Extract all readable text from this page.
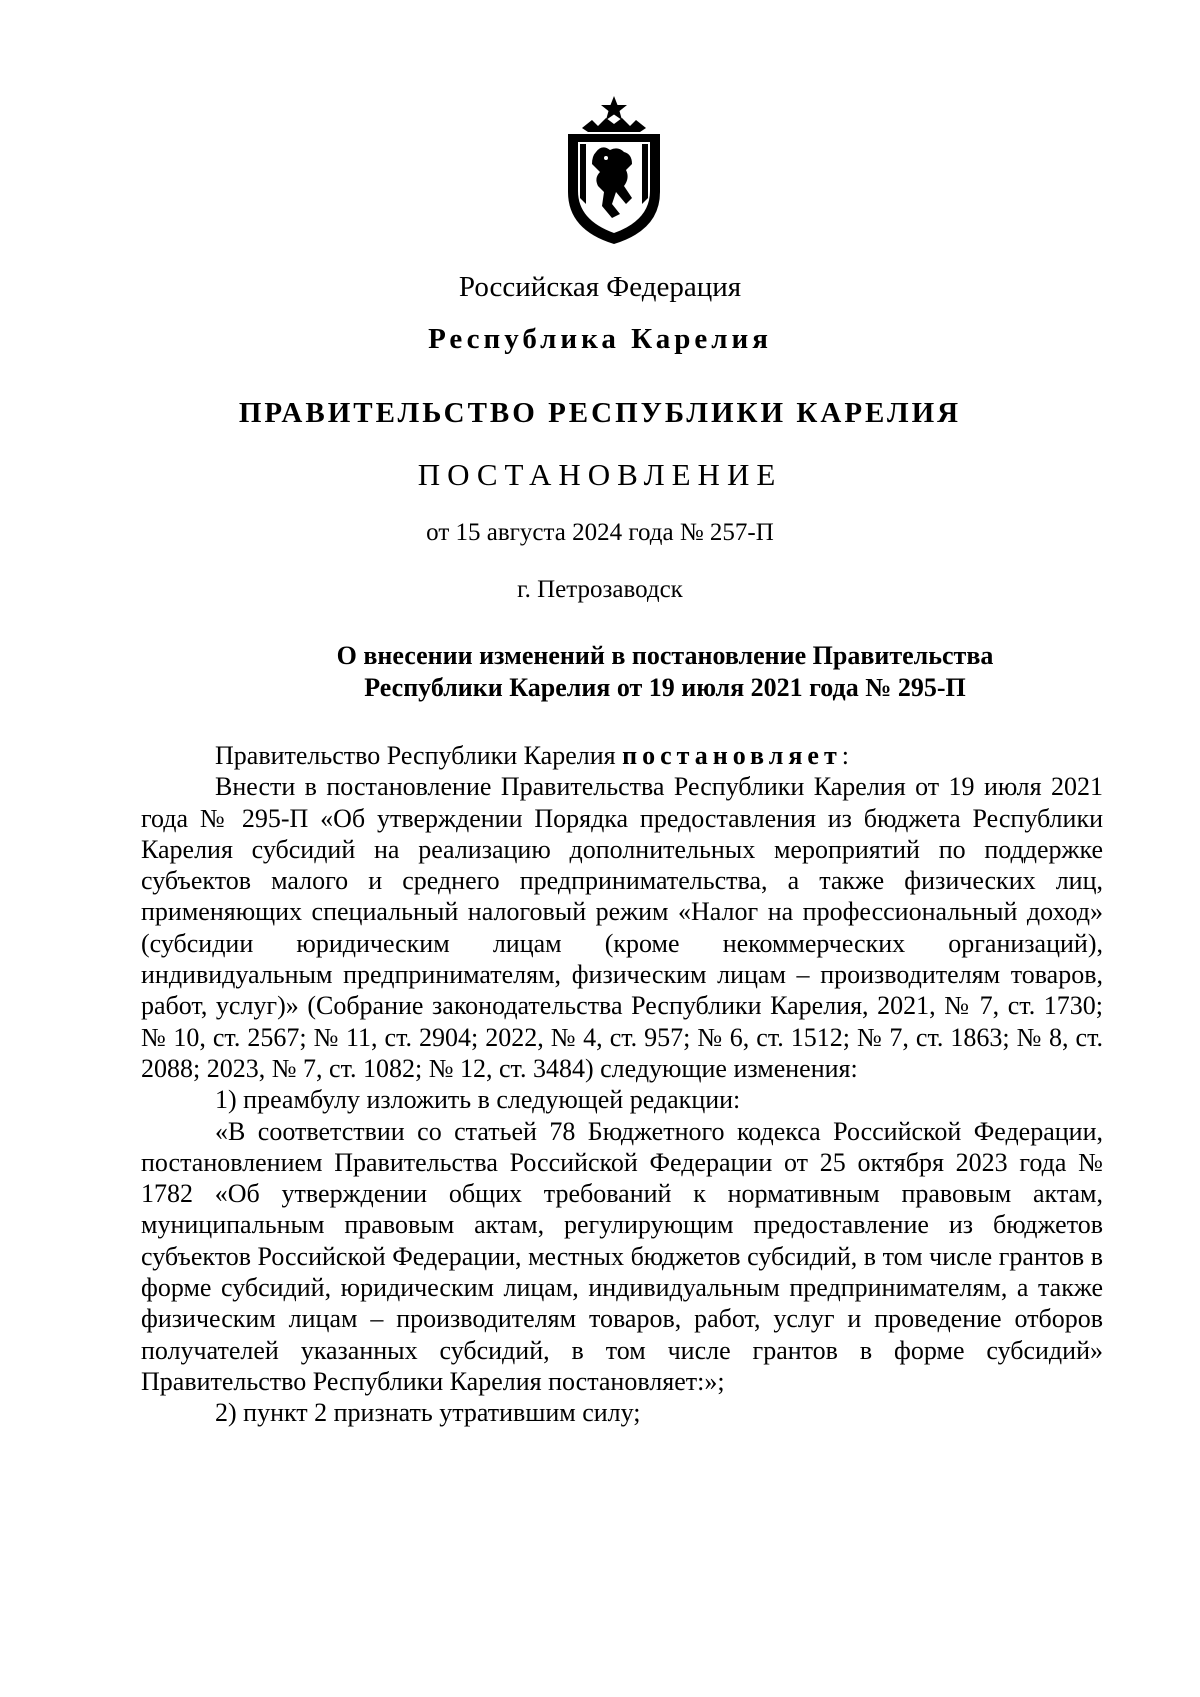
Российская Федерация
Республика Карелия
ПРАВИТЕЛЬСТВО РЕСПУБЛИКИ КАРЕЛИЯ
ПОСТАНОВЛЕНИЕ
от 15 августа 2024 года № 257-П
г. Петрозаводск
О внесении изменений в постановление Правительства
Республики Карелия от 19 июля 2021 года № 295-П

Правительство Республики Карелия постановляет:

Внести в постановление Правительства Республики Карелия от 19 июля 2021 года № 295-П «Об утверждении Порядка предоставления из бюджета Республики Карелия субсидий на реализацию дополнительных мероприятий по поддержке субъектов малого и среднего предпринимательства, а также физических лиц, применяющих специальный налоговый режим «Налог на профессиональный доход» (субсидии юридическим лицам (кроме некоммерческих организаций), индивидуальным предпринимателям, физическим лицам – производителям товаров, работ, услуг)» (Собрание законодательства Республики Карелия, 2021, № 7, ст. 1730; № 10, ст. 2567; № 11, ст. 2904; 2022, № 4, ст. 957; № 6, ст. 1512; № 7, ст. 1863; № 8, ст. 2088; 2023, № 7, ст. 1082; № 12, ст. 3484) следующие изменения:

1) преамбулу изложить в следующей редакции:

«В соответствии со статьей 78 Бюджетного кодекса Российской Федерации, постановлением Правительства Российской Федерации от 25 октября 2023 года № 1782 «Об утверждении общих требований к нормативным правовым актам, муниципальным правовым актам, регулирующим предоставление из бюджетов субъектов Российской Федерации, местных бюджетов субсидий, в том числе грантов в форме субсидий, юридическим лицам, индивидуальным предпринимателям, а также физическим лицам – производителям товаров, работ, услуг и проведение отборов получателей указанных субсидий, в том числе грантов в форме субсидий» Правительство Республики Карелия постановляет:»;

2) пункт 2 признать утратившим силу;
